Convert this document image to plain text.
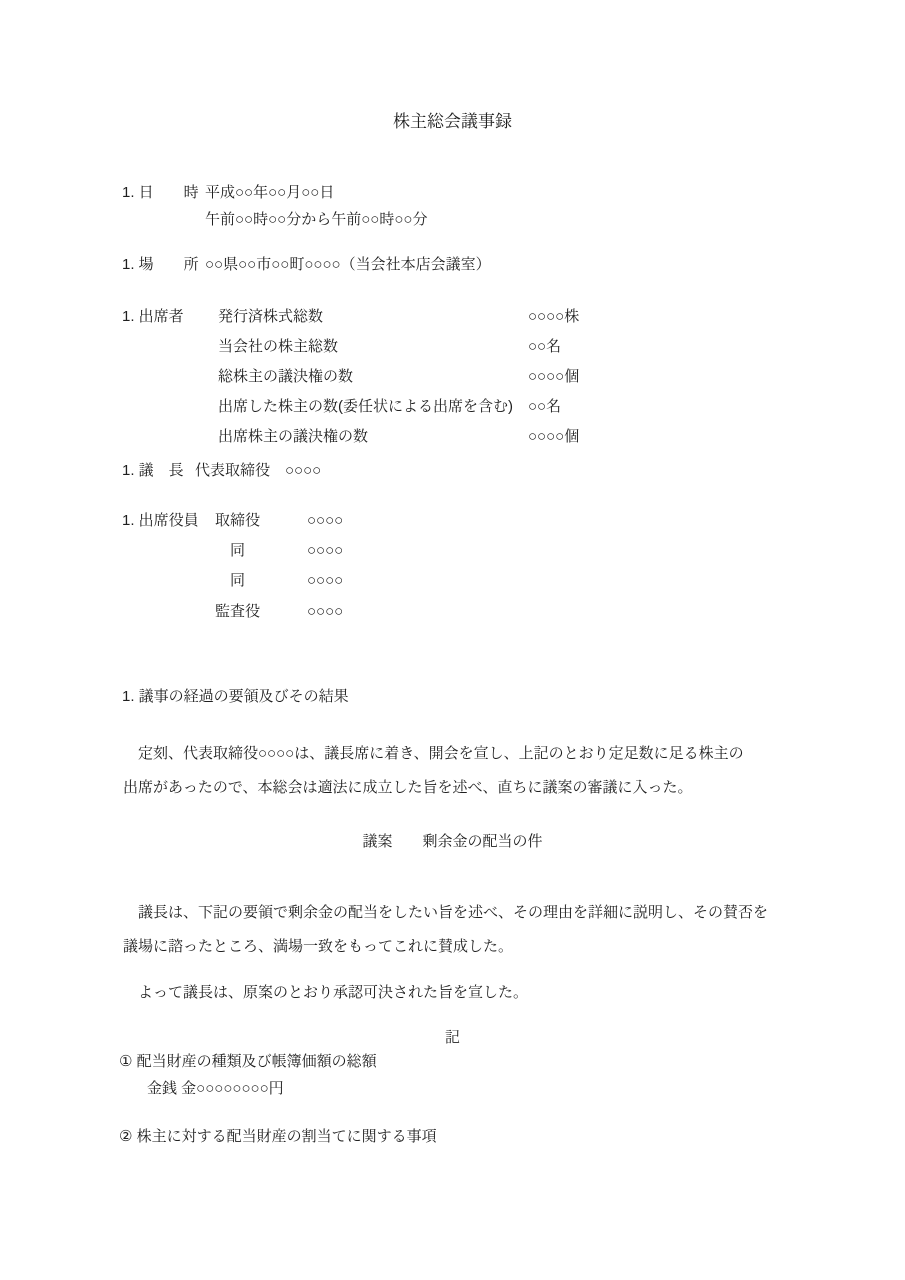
株主総会議事録
1. 日　　時 平成○○年○○月○○日
午前○○時○○分から午前○○時○○分
1. 場　　所 ○○県○○市○○町○○○○（当会社本店会議室）
1. 出席者 発行済株式総数	○○○○株
当会社の株主総数	○○名
総株主の議決権の数	○○○○個
出席した株主の数(委任状による出席を含む) ○○名
出席株主の議決権の数	○○○○個
1. 議　長 代表取締役　○○○○
1. 出席役員	取締役	○○○○
同	○○○○
同	○○○○
監査役	○○○○
1. 議事の経過の要領及びその結果
　定刻、代表取締役○○○○は、議長席に着き、開会を宣し、上記のとおり定足数に足る株主の
出席があったので、本総会は適法に成立した旨を述べ、直ちに議案の審議に入った。
議案　　剰余金の配当の件
　議長は、下記の要領で剰余金の配当をしたい旨を述べ、その理由を詳細に説明し、その賛否を
議場に諮ったところ、満場一致をもってこれに賛成した。
　よって議長は、原案のとおり承認可決された旨を宣した。
記
① 配当財産の種類及び帳簿価額の総額
金銭 金○○○○○○○○円
② 株主に対する配当財産の割当てに関する事項
